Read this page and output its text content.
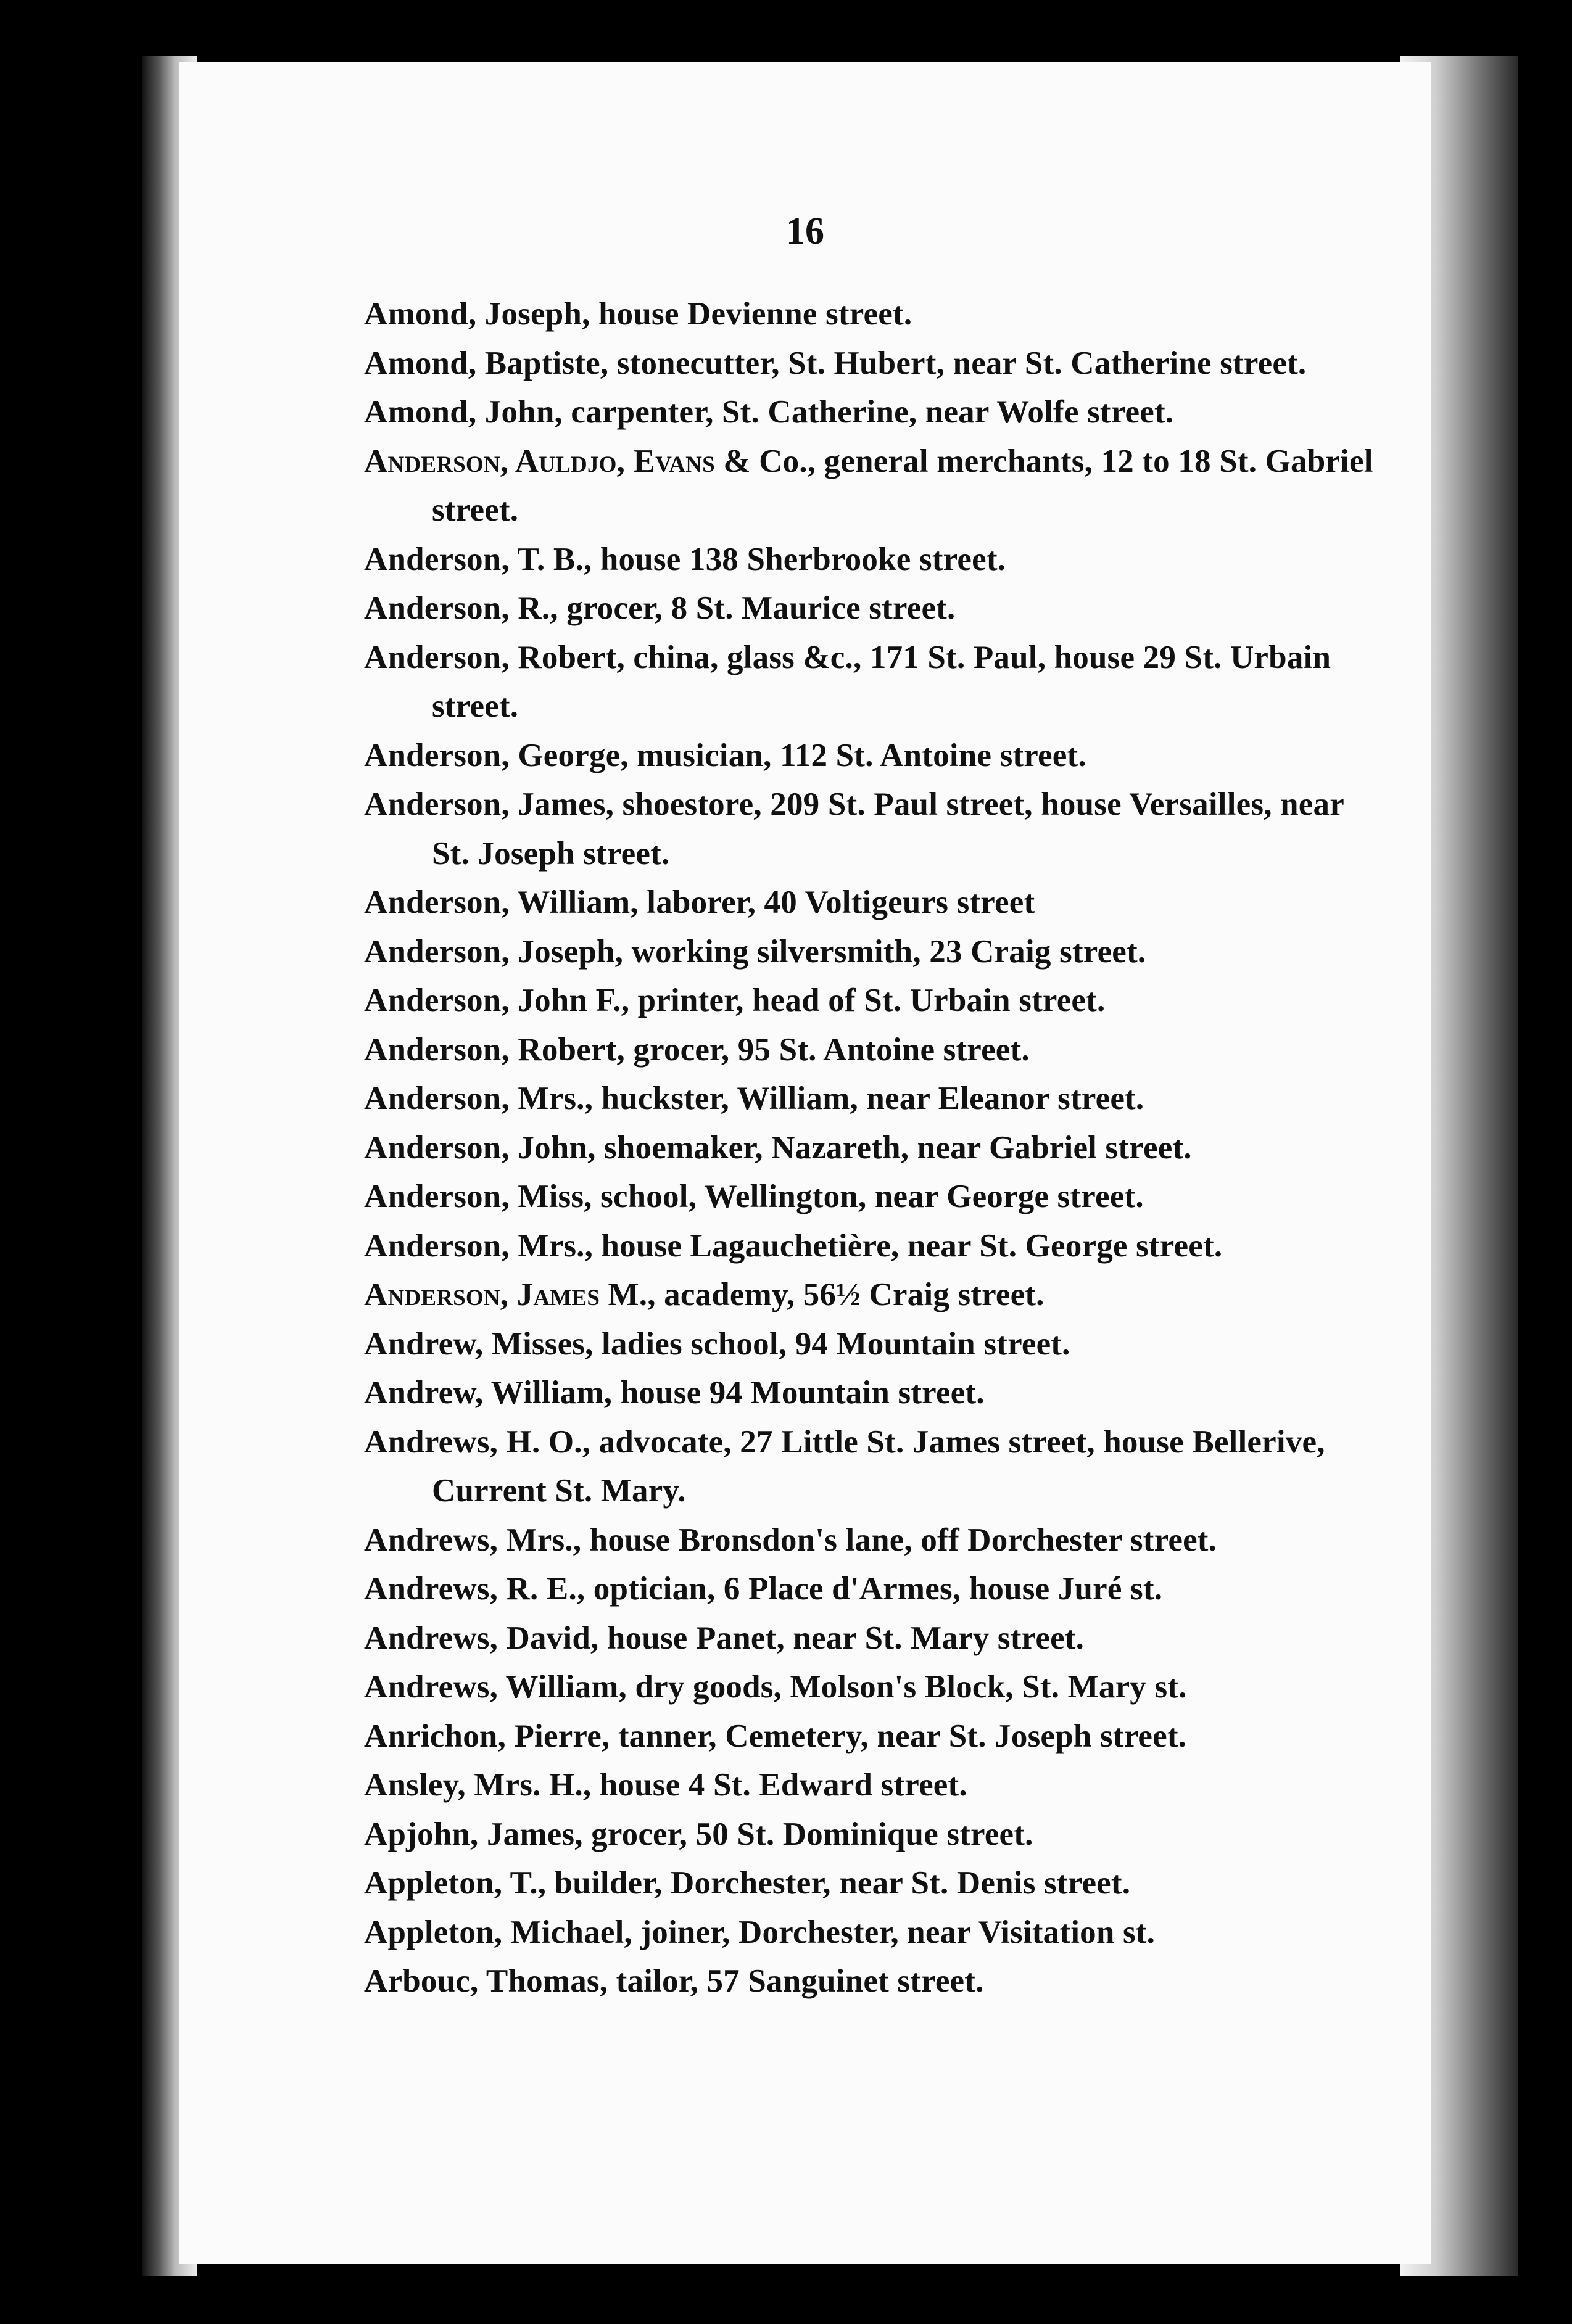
16
Amond, Joseph, house Devienne street.
Amond, Baptiste, stonecutter, St. Hubert, near St. Catherine street.
Amond, John, carpenter, St. Catherine, near Wolfe street.
Anderson, Auldjo, Evans & Co., general merchants, 12 to 18 St. Gabriel street.
Anderson, T. B., house 138 Sherbrooke street.
Anderson, R., grocer, 8 St. Maurice street.
Anderson, Robert, china, glass &c., 171 St. Paul, house 29 St. Urbain street.
Anderson, George, musician, 112 St. Antoine street.
Anderson, James, shoestore, 209 St. Paul street, house Versailles, near St. Joseph street.
Anderson, William, laborer, 40 Voltigeurs street
Anderson, Joseph, working silversmith, 23 Craig street.
Anderson, John F., printer, head of St. Urbain street.
Anderson, Robert, grocer, 95 St. Antoine street.
Anderson, Mrs., huckster, William, near Eleanor street.
Anderson, John, shoemaker, Nazareth, near Gabriel street.
Anderson, Miss, school, Wellington, near George street.
Anderson, Mrs., house Lagauchetière, near St. George street.
Anderson, James M., academy, 56½ Craig street.
Andrew, Misses, ladies school, 94 Mountain street.
Andrew, William, house 94 Mountain street.
Andrews, H. O., advocate, 27 Little St. James street, house Bellerive, Current St. Mary.
Andrews, Mrs., house Bronsdon's lane, off Dorchester street.
Andrews, R. E., optician, 6 Place d'Armes, house Juré st.
Andrews, David, house Panet, near St. Mary street.
Andrews, William, dry goods, Molson's Block, St. Mary st.
Anrichon, Pierre, tanner, Cemetery, near St. Joseph street.
Ansley, Mrs. H., house 4 St. Edward street.
Apjohn, James, grocer, 50 St. Dominique street.
Appleton, T., builder, Dorchester, near St. Denis street.
Appleton, Michael, joiner, Dorchester, near Visitation st.
Arbouc, Thomas, tailor, 57 Sanguinet street.
